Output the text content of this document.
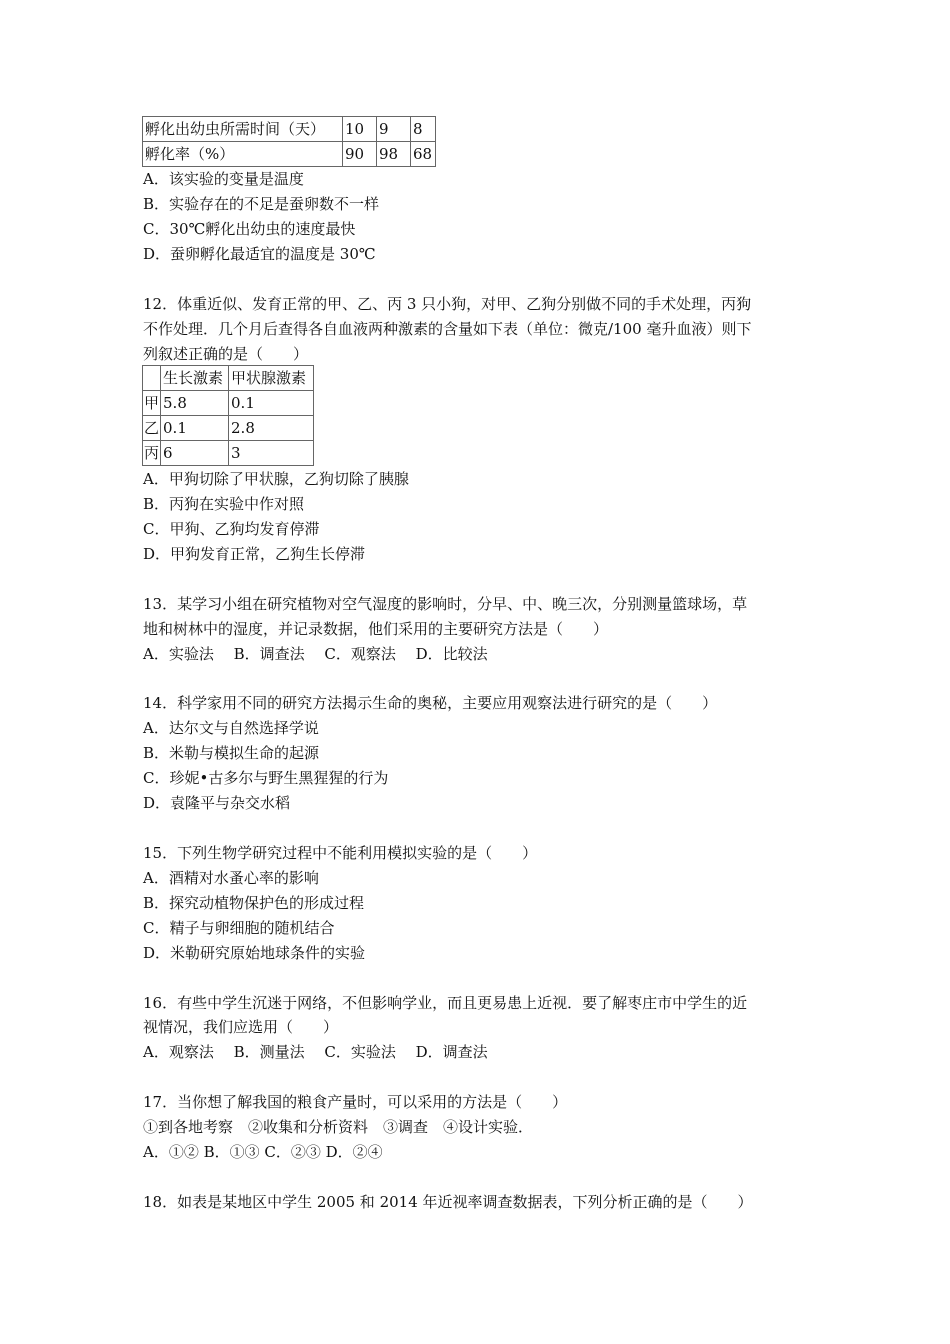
孵化出幼虫所需时间（天）	10	9	8
孵化率（%）	90	98	68
A．该实验的变量是温度
B．实验存在的不足是蚕卵数不一样
C．30℃孵化出幼虫的速度最快
D．蚕卵孵化最适宜的温度是 30℃
12．体重近似、发育正常的甲、乙、丙 3 只小狗，对甲、乙狗分别做不同的手术处理，丙狗
不作处理．几个月后查得各自血液两种激素的含量如下表（单位：微克/100 毫升血液）则下
列叙述正确的是（　　）
	生长激素	甲状腺激素
甲	5.8	0.1
乙	0.1	2.8
丙	6	3
A．甲狗切除了甲状腺，乙狗切除了胰腺
B．丙狗在实验中作对照
C．甲狗、乙狗均发育停滞
D．甲狗发育正常，乙狗生长停滞
13．某学习小组在研究植物对空气湿度的影响时，分早、中、晚三次，分别测量篮球场，草
地和树林中的湿度，并记录数据，他们采用的主要研究方法是（　　）
A．实验法　 B．调查法　 C．观察法　 D．比较法
14．科学家用不同的研究方法揭示生命的奥秘，主要应用观察法进行研究的是（　　）
A．达尔文与自然选择学说
B．米勒与模拟生命的起源
C．珍妮•古多尔与野生黑猩猩的行为
D．袁隆平与杂交水稻
15．下列生物学研究过程中不能利用模拟实验的是（　　）
A．酒精对水蚤心率的影响
B．探究动植物保护色的形成过程
C．精子与卵细胞的随机结合
D．米勒研究原始地球条件的实验
16．有些中学生沉迷于网络，不但影响学业，而且更易患上近视．要了解枣庄市中学生的近
视情况，我们应选用（　　）
A．观察法　 B．测量法　 C．实验法　 D．调查法
17．当你想了解我国的粮食产量时，可以采用的方法是（　　）
①到各地考察　②收集和分析资料　③调查　④设计实验．
A．①② B．①③ C．②③ D．②④
18．如表是某地区中学生 2005 和 2014 年近视率调查数据表，下列分析正确的是（　　）
